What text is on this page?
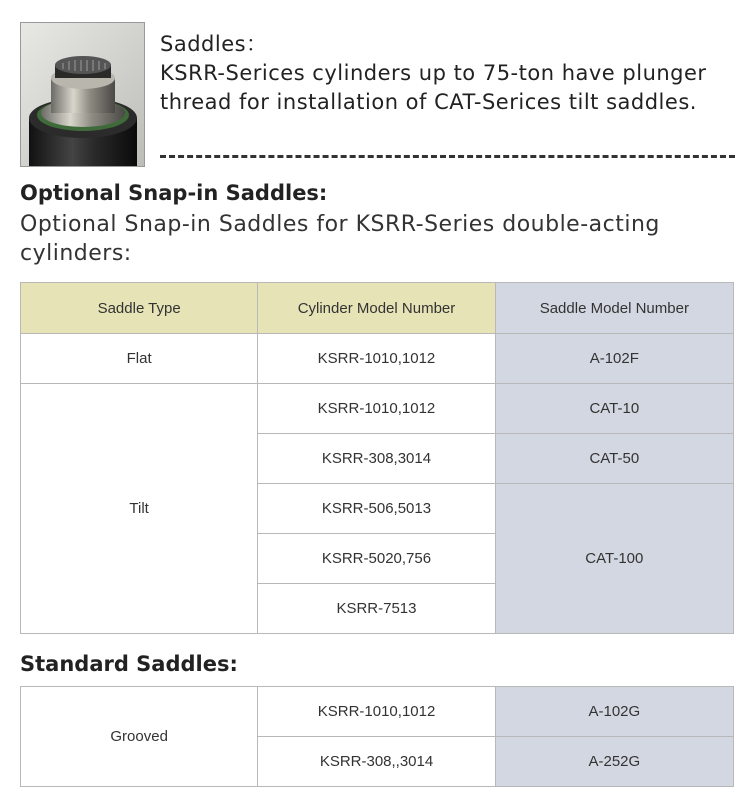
Saddles：
KSRR-Serices cylinders up to 75-ton have plunger thread for installation of CAT-Serices tilt saddles.
Optional Snap-in Saddles:
Optional Snap-in Saddles for KSRR-Series double-acting cylinders:
Saddle Type	Cylinder Model Number	Saddle Model Number
Flat	KSRR-1010,1012	A-102F
Tilt	KSRR-1010,1012	CAT-10
	KSRR-308,3014	CAT-50
	KSRR-506,5013	CAT-100
	KSRR-5020,756	
	KSRR-7513	
Standard Saddles:
Grooved	KSRR-1010,1012	A-102G
	KSRR-308,,3014	A-252G
